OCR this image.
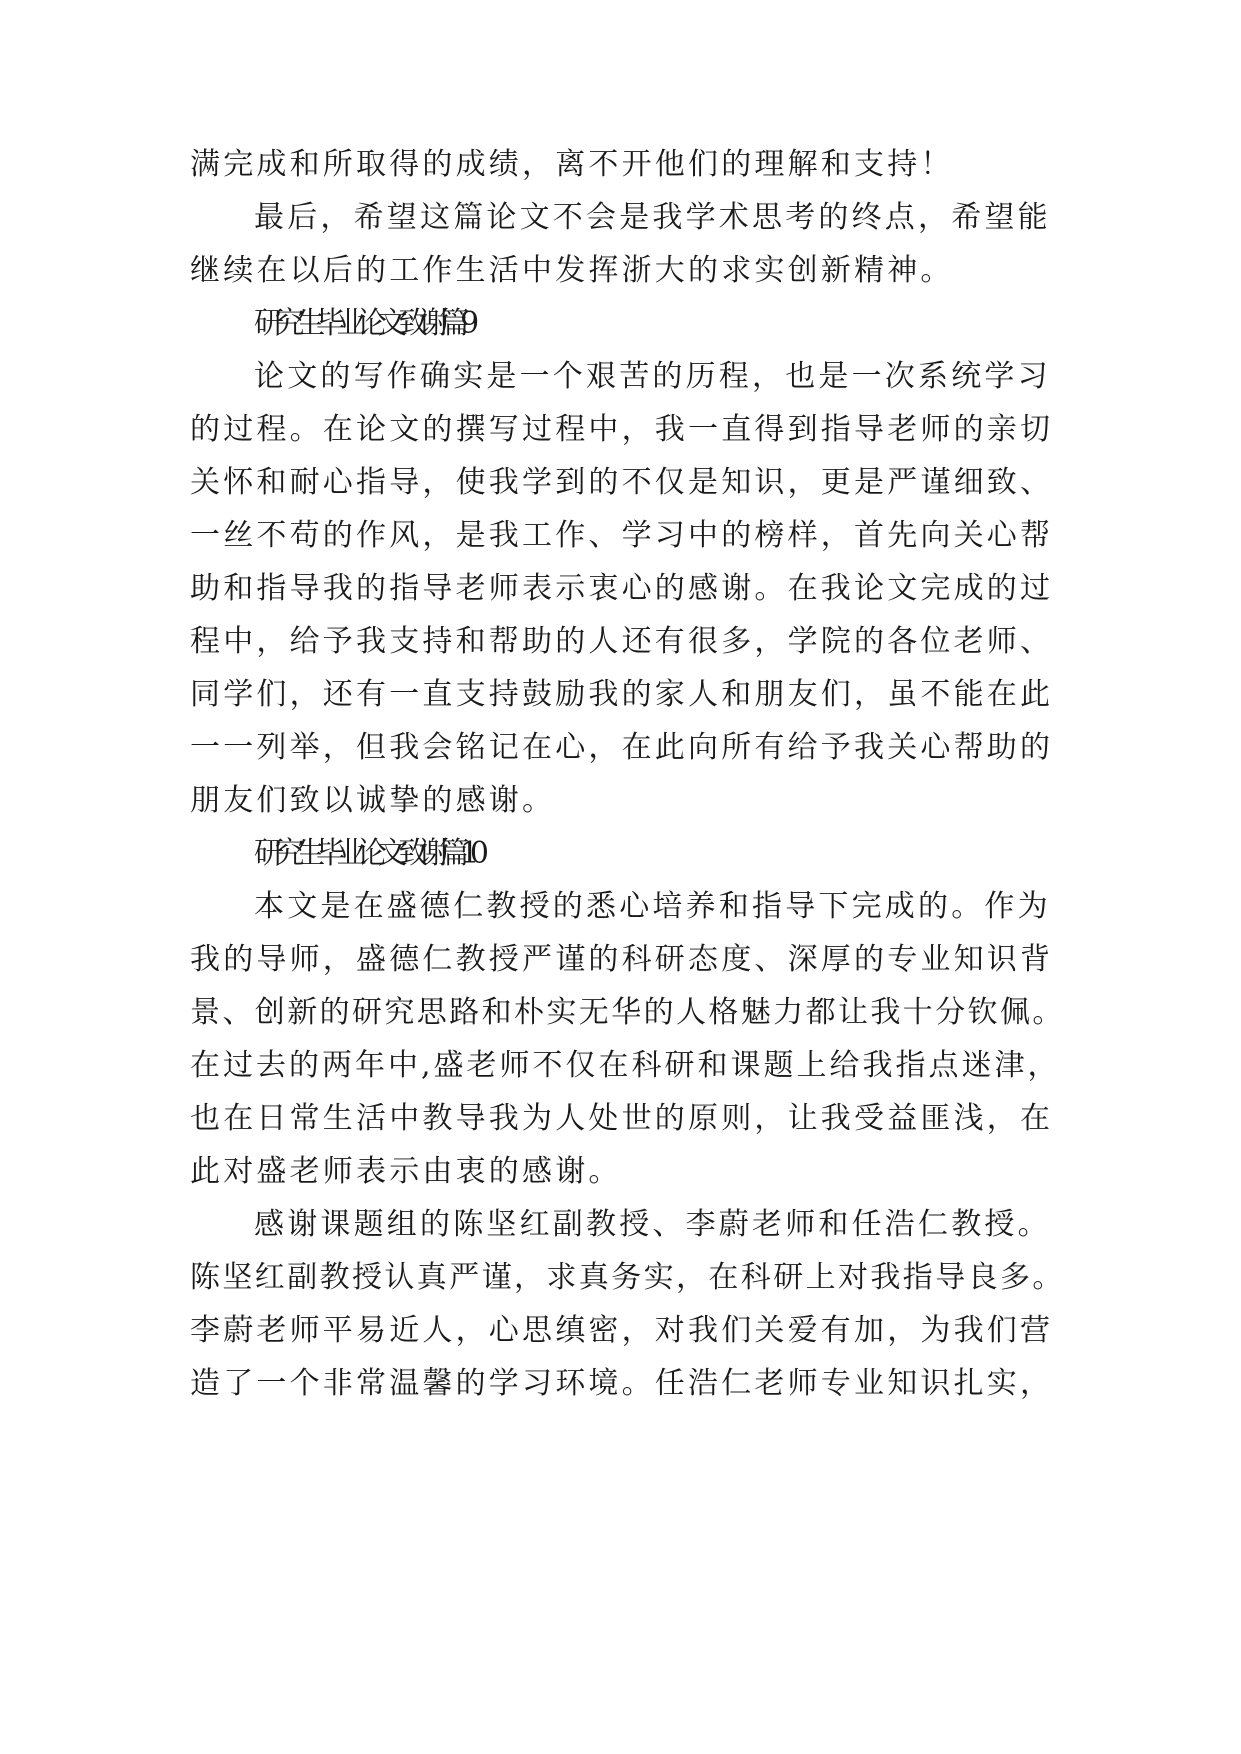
满完成和所取得的成绩，离不开他们的理解和支持！
最后，希望这篇论文不会是我学术思考的终点，希望能
继续在以后的工作生活中发挥浙大的求实创新精神。
研究生毕业论文致谢篇 9
论文的写作确实是一个艰苦的历程，也是一次系统学习
的过程。在论文的撰写过程中，我一直得到指导老师的亲切
关怀和耐心指导，使我学到的不仅是知识，更是严谨细致、
一丝不苟的作风，是我工作、学习中的榜样，首先向关心帮
助和指导我的指导老师表示衷心的感谢。在我论文完成的过
程中，给予我支持和帮助的人还有很多，学院的各位老师、
同学们，还有一直支持鼓励我的家人和朋友们，虽不能在此
一一列举，但我会铭记在心，在此向所有给予我关心帮助的
朋友们致以诚挚的感谢。
研究生毕业论文致谢篇 10
本文是在盛德仁教授的悉心培养和指导下完成的。作为
我的导师，盛德仁教授严谨的科研态度、深厚的专业知识背
景、创新的研究思路和朴实无华的人格魅力都让我十分钦佩。
在过去的两年中,盛老师不仅在科研和课题上给我指点迷津，
也在日常生活中教导我为人处世的原则，让我受益匪浅，在
此对盛老师表示由衷的感谢。
感谢课题组的陈坚红副教授、李蔚老师和任浩仁教授。
陈坚红副教授认真严谨，求真务实，在科研上对我指导良多。
李蔚老师平易近人，心思缜密，对我们关爱有加，为我们营
造了一个非常温馨的学习环境。任浩仁老师专业知识扎实，
